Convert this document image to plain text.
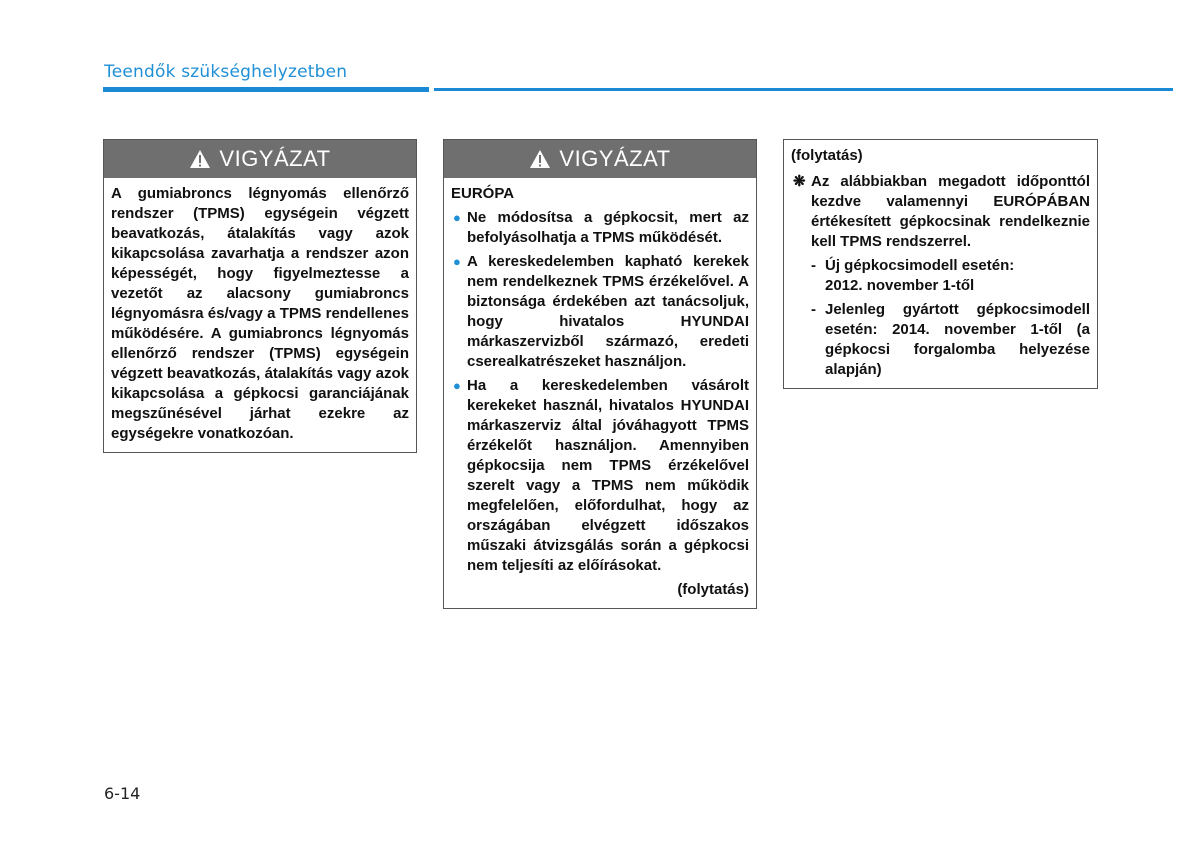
Teendők szükséghelyzetben
VIGYÁZAT

A gumiabroncs légnyomás ellenőrző rendszer (TPMS) egységein végzett beavatkozás, átalakítás vagy azok kikapcsolása zavarhatja a rendszer azon képességét, hogy figyelmeztesse a vezetőt az alacsony gumiabroncs légnyomásra és/vagy a TPMS rendellenes működésére. A gumiabroncs légnyomás ellenőrző rendszer (TPMS) egységein végzett beavatkozás, átalakítás vagy azok kikapcsolása a gépkocsi garanciájának megszűnésével járhat ezekre az egységekre vonatkozóan.

VIGYÁZAT

EURÓPA

● Ne módosítsa a gépkocsit, mert az befolyásolhatja a TPMS működését.
● A kereskedelemben kapható kerekek nem rendelkeznek TPMS érzékelővel. A biztonsága érdekében azt tanácsoljuk, hogy hivatalos HYUNDAI márkaszervizből származó, eredeti cserealkatrészeket használjon.
● Ha a kereskedelemben vásárolt kerekeket használ, hivatalos HYUNDAI márkaszerviz által jóváhagyott TPMS érzékelőt használjon. Amennyiben gépkocsija nem TPMS érzékelővel szerelt vagy a TPMS nem működik megfelelően, előfordulhat, hogy az országában elvégzett időszakos műszaki átvizsgálás során a gépkocsi nem teljesíti az előírásokat.
(folytatás)

(folytatás)

❋ Az alábbiakban megadott időponttól kezdve valamennyi EURÓPÁBAN értékesített gépkocsinak rendelkeznie kell TPMS rendszerrel.
- Új gépkocsimodell esetén:
2012. november 1-től
- Jelenleg gyártott gépkocsimodell esetén: 2014. november 1-től (a gépkocsi forgalomba helyezése alapján)
6-14
